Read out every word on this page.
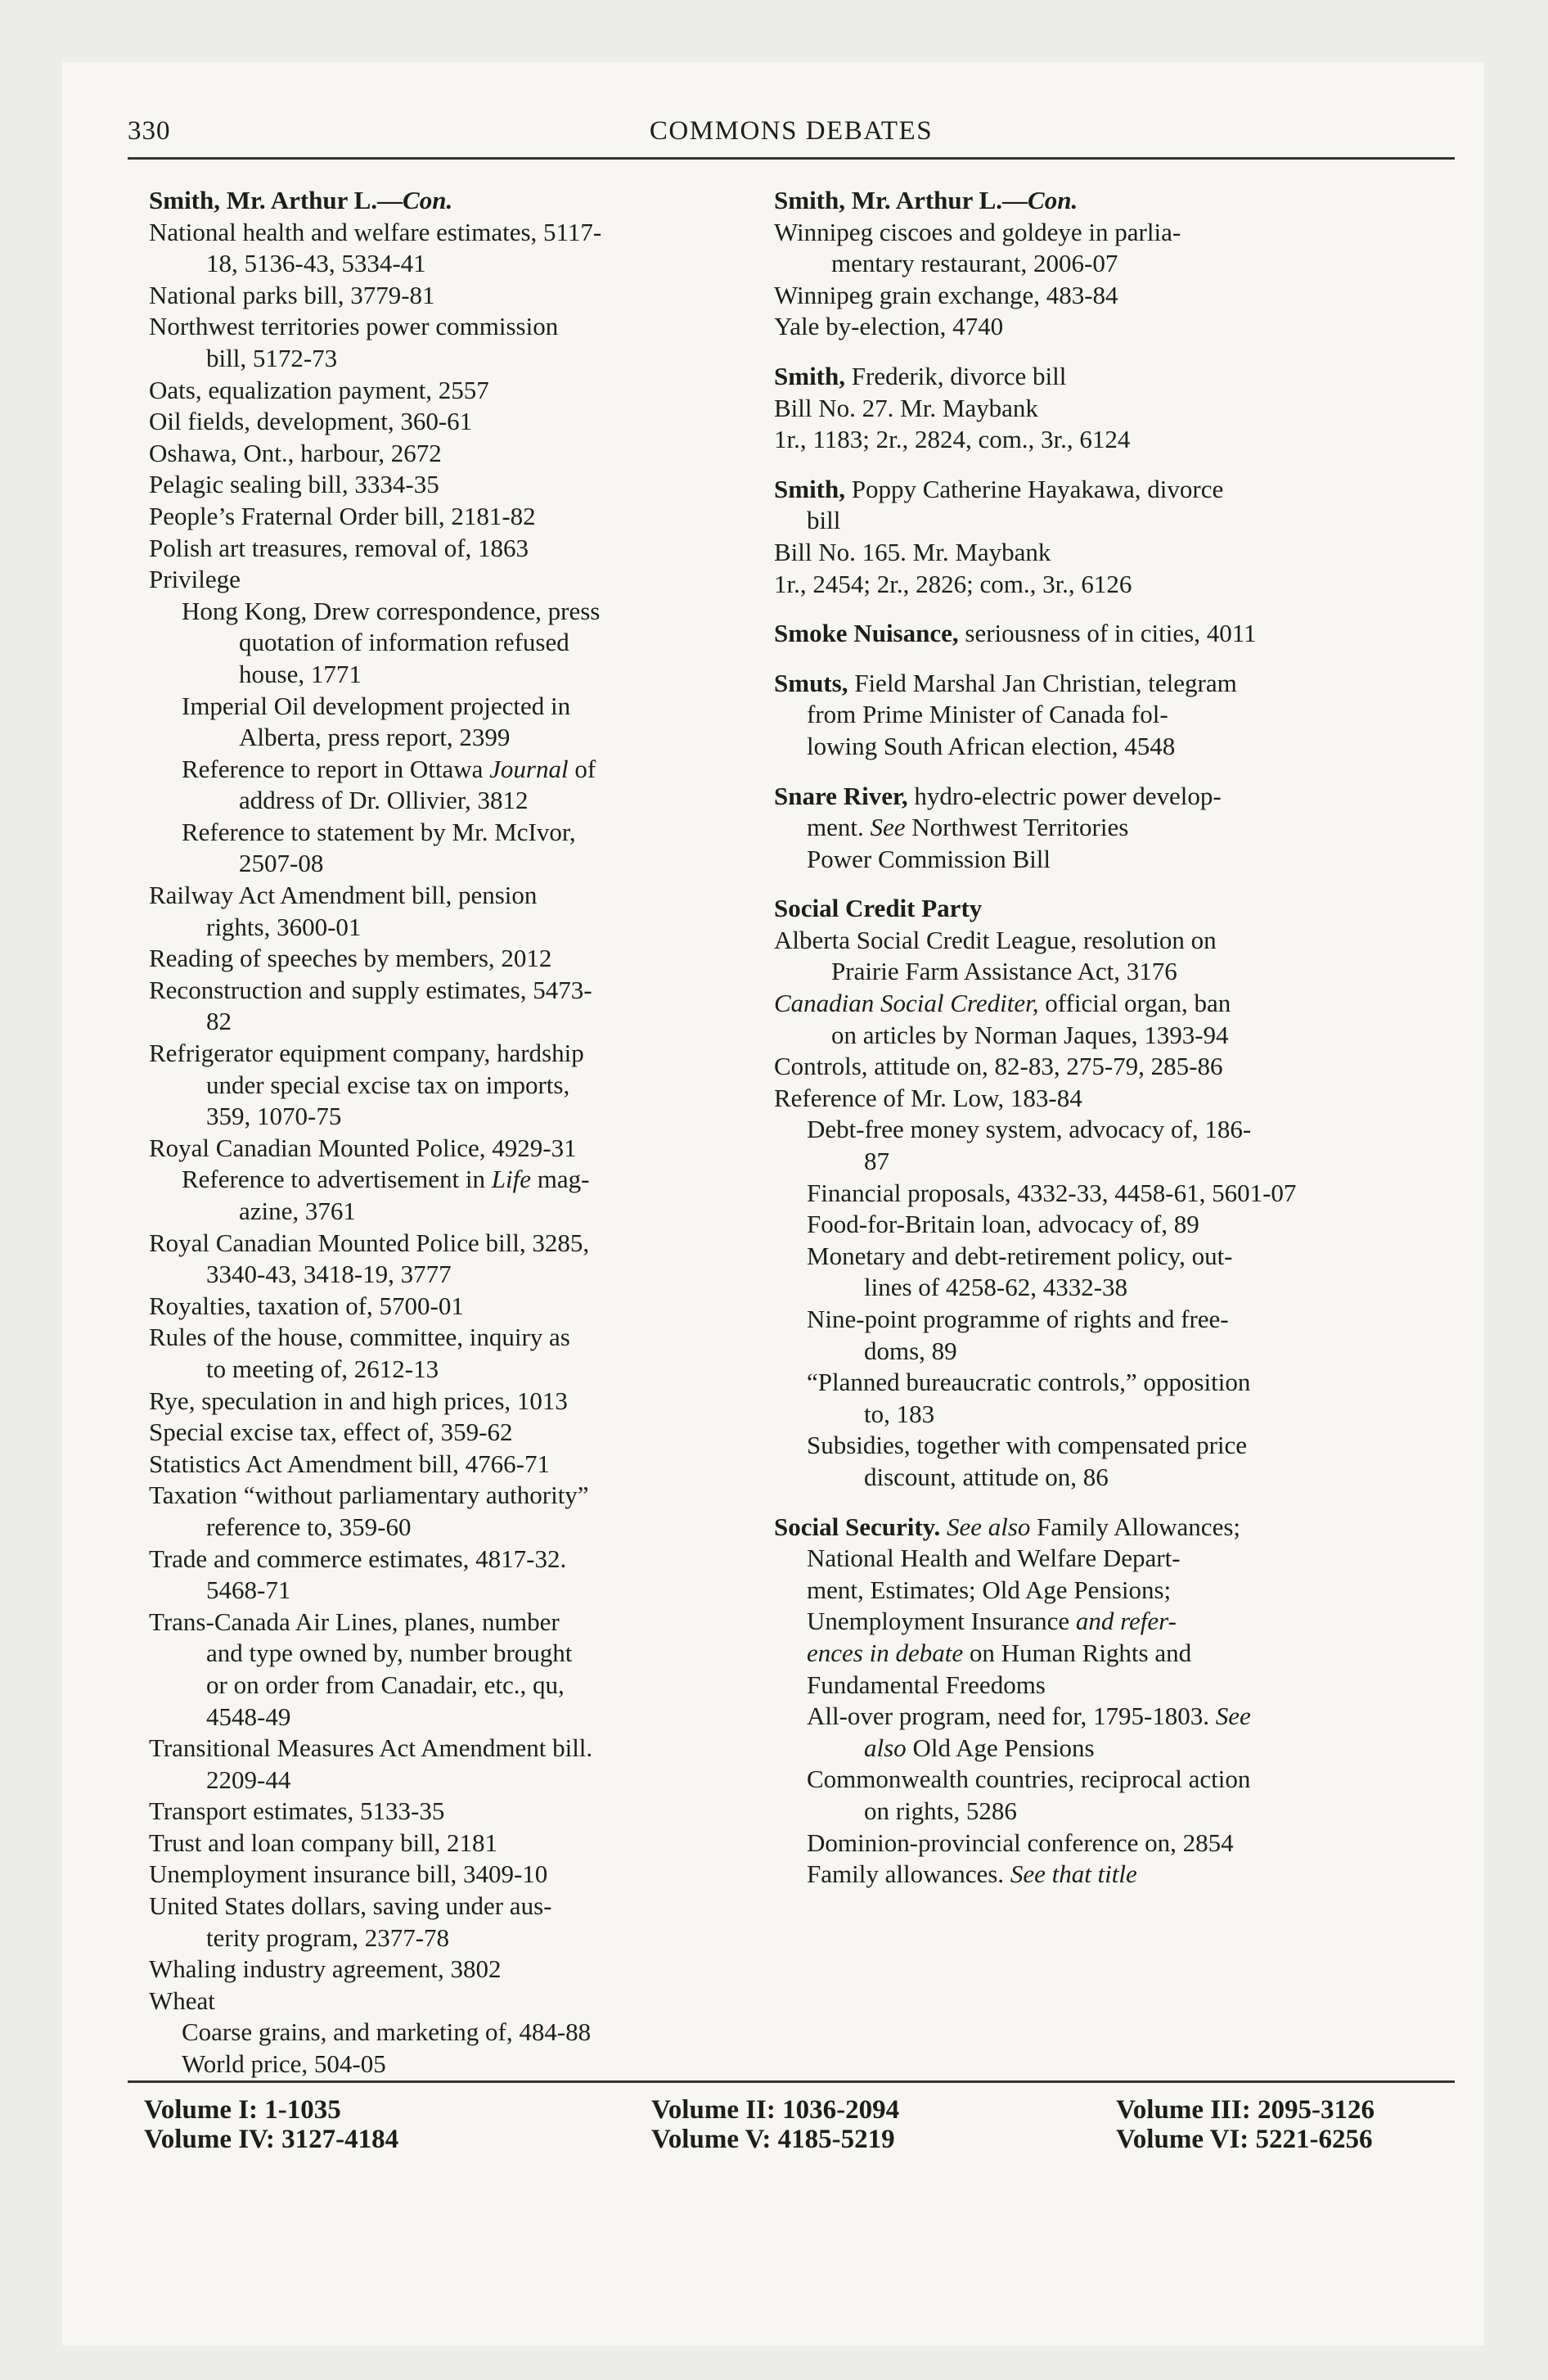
330	COMMONS DEBATES
Smith, Mr. Arthur L.—Con.
National health and welfare estimates, 5117-
18, 5136-43, 5334-41
National parks bill, 3779-81
Northwest territories power commission
bill, 5172-73
Oats, equalization payment, 2557
Oil fields, development, 360-61
Oshawa, Ont., harbour, 2672
Pelagic sealing bill, 3334-35
People’s Fraternal Order bill, 2181-82
Polish art treasures, removal of, 1863
Privilege
Hong Kong, Drew correspondence, press
quotation of information refused
house, 1771
Imperial Oil development projected in
Alberta, press report, 2399
Reference to report in Ottawa Journal of
address of Dr. Ollivier, 3812
Reference to statement by Mr. McIvor,
2507-08
Railway Act Amendment bill, pension
rights, 3600-01
Reading of speeches by members, 2012
Reconstruction and supply estimates, 5473-
82
Refrigerator equipment company, hardship
under special excise tax on imports,
359, 1070-75
Royal Canadian Mounted Police, 4929-31
Reference to advertisement in Life mag-
azine, 3761
Royal Canadian Mounted Police bill, 3285,
3340-43, 3418-19, 3777
Royalties, taxation of, 5700-01
Rules of the house, committee, inquiry as
to meeting of, 2612-13
Rye, speculation in and high prices, 1013
Special excise tax, effect of, 359-62
Statistics Act Amendment bill, 4766-71
Taxation “without parliamentary authority”
reference to, 359-60
Trade and commerce estimates, 4817-32.
5468-71
Trans-Canada Air Lines, planes, number
and type owned by, number brought
or on order from Canadair, etc., qu,
4548-49
Transitional Measures Act Amendment bill.
2209-44
Transport estimates, 5133-35
Trust and loan company bill, 2181
Unemployment insurance bill, 3409-10
United States dollars, saving under aus-
terity program, 2377-78
Whaling industry agreement, 3802
Wheat
Coarse grains, and marketing of, 484-88
World price, 504-05
Smith, Mr. Arthur L.—Con.
Winnipeg ciscoes and goldeye in parlia-
mentary restaurant, 2006-07
Winnipeg grain exchange, 483-84
Yale by-election, 4740
Smith, Frederik, divorce bill
Bill No. 27. Mr. Maybank
1r., 1183; 2r., 2824, com., 3r., 6124
Smith, Poppy Catherine Hayakawa, divorce
bill
Bill No. 165. Mr. Maybank
1r., 2454; 2r., 2826; com., 3r., 6126
Smoke Nuisance, seriousness of in cities, 4011
Smuts, Field Marshal Jan Christian, telegram
from Prime Minister of Canada fol-
lowing South African election, 4548
Snare River, hydro-electric power develop-
ment. See Northwest Territories
Power Commission Bill
Social Credit Party
Alberta Social Credit League, resolution on
Prairie Farm Assistance Act, 3176
Canadian Social Crediter, official organ, ban
on articles by Norman Jaques, 1393-94
Controls, attitude on, 82-83, 275-79, 285-86
Reference of Mr. Low, 183-84
Debt-free money system, advocacy of, 186-
87
Financial proposals, 4332-33, 4458-61, 5601-07
Food-for-Britain loan, advocacy of, 89
Monetary and debt-retirement policy, out-
lines of 4258-62, 4332-38
Nine-point programme of rights and free-
doms, 89
“Planned bureaucratic controls,” opposition
to, 183
Subsidies, together with compensated price
discount, attitude on, 86
Social Security. See also Family Allowances;
National Health and Welfare Depart-
ment, Estimates; Old Age Pensions;
Unemployment Insurance and refer-
ences in debate on Human Rights and
Fundamental Freedoms
All-over program, need for, 1795-1803. See
also Old Age Pensions
Commonwealth countries, reciprocal action
on rights, 5286
Dominion-provincial conference on, 2854
Family allowances. See that title
Volume I: 1-1035
Volume IV: 3127-4184
Volume II: 1036-2094
Volume V: 4185-5219
Volume III: 2095-3126
Volume VI: 5221-6256
